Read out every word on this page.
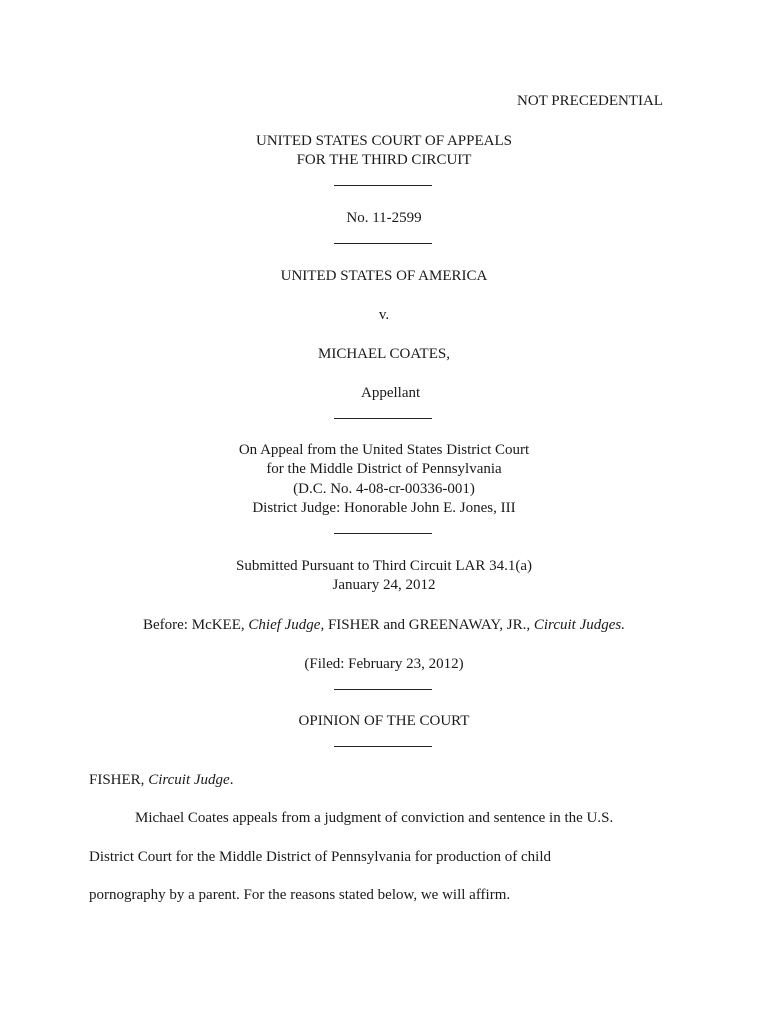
NOT PRECEDENTIAL
UNITED STATES COURT OF APPEALS
FOR THE THIRD CIRCUIT
No. 11-2599
UNITED STATES OF AMERICA
v.
MICHAEL COATES,
Appellant
On Appeal from the United States District Court
for the Middle District of Pennsylvania
(D.C. No. 4-08-cr-00336-001)
District Judge: Honorable John E. Jones, III
Submitted Pursuant to Third Circuit LAR 34.1(a)
January 24, 2012
Before: McKEE, Chief Judge, FISHER and GREENAWAY, JR., Circuit Judges.
(Filed: February 23, 2012)
OPINION OF THE COURT
FISHER, Circuit Judge.
Michael Coates appeals from a judgment of conviction and sentence in the U.S.
District Court for the Middle District of Pennsylvania for production of child
pornography by a parent. For the reasons stated below, we will affirm.
